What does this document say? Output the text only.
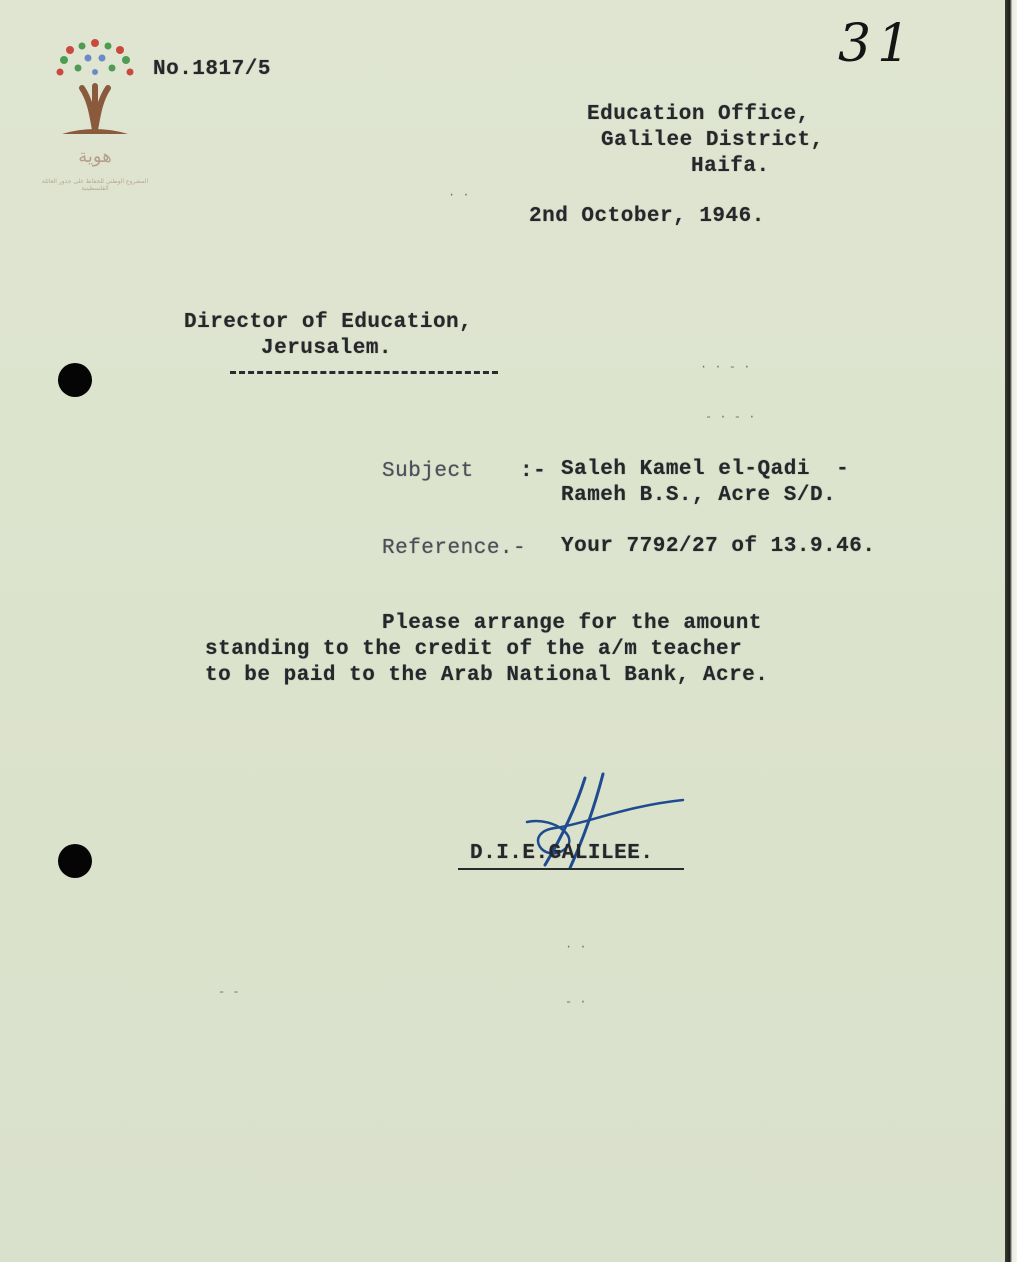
هوية
المشروع الوطني للحفاظ على جذور العائلة الفلسطينية
31
No.1817/5
Education Office,
Galilee District,
Haifa.
2nd October, 1946.
Director of Education,
Jerusalem.
Subject :- Saleh Kamel el-Qadi  -
Rameh B.S., Acre S/D.
Reference.- Your 7792/27 of 13.9.46.
Please arrange for the amount
standing to the credit of the a/m teacher
to be paid to the Arab National Bank, Acre.
D.I.E.GALILEE.
· ·
· · ‐ ·
‐ · ‐ ·
· ·
‐ ·
‐ ‐
